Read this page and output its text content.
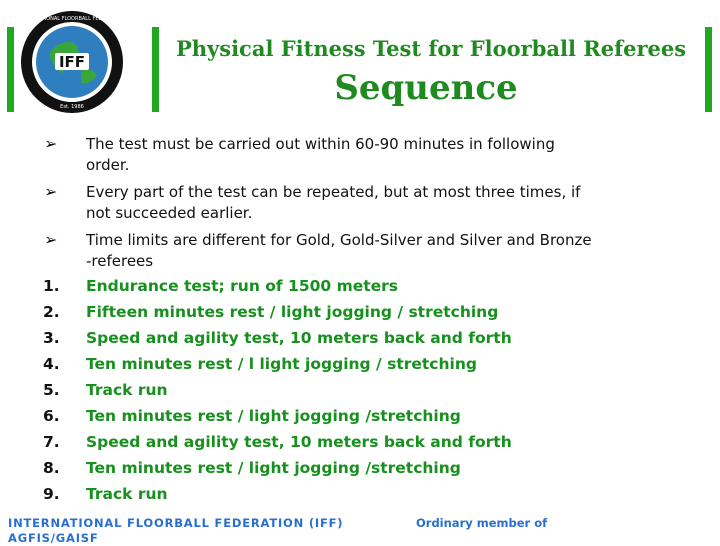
IFF
INTERNATIONAL FLOORBALL FEDERATION
Est. 1986
Physical Fitness Test for Floorball Referees
Sequence
➢ The test must be carried out within 60-90 minutes in following
order.
➢ Every part of the test can be repeated, but at most three times, if
not succeeded earlier.
➢ Time limits are different for Gold, Gold-Silver and Silver and Bronze
-referees
1. Endurance test; run of 1500 meters
2. Fifteen minutes rest / light jogging / stretching
3. Speed and agility test, 10 meters back and forth
4. Ten minutes rest / l light jogging / stretching
5. Track run
6. Ten minutes rest / light jogging /stretching
7. Speed and agility test, 10 meters back and forth
8. Ten minutes rest / light jogging /stretching
9. Track run
INTERNATIONAL FLOORBALL FEDERATION (IFF)
AGFIS/GAISF
Ordinary member of
